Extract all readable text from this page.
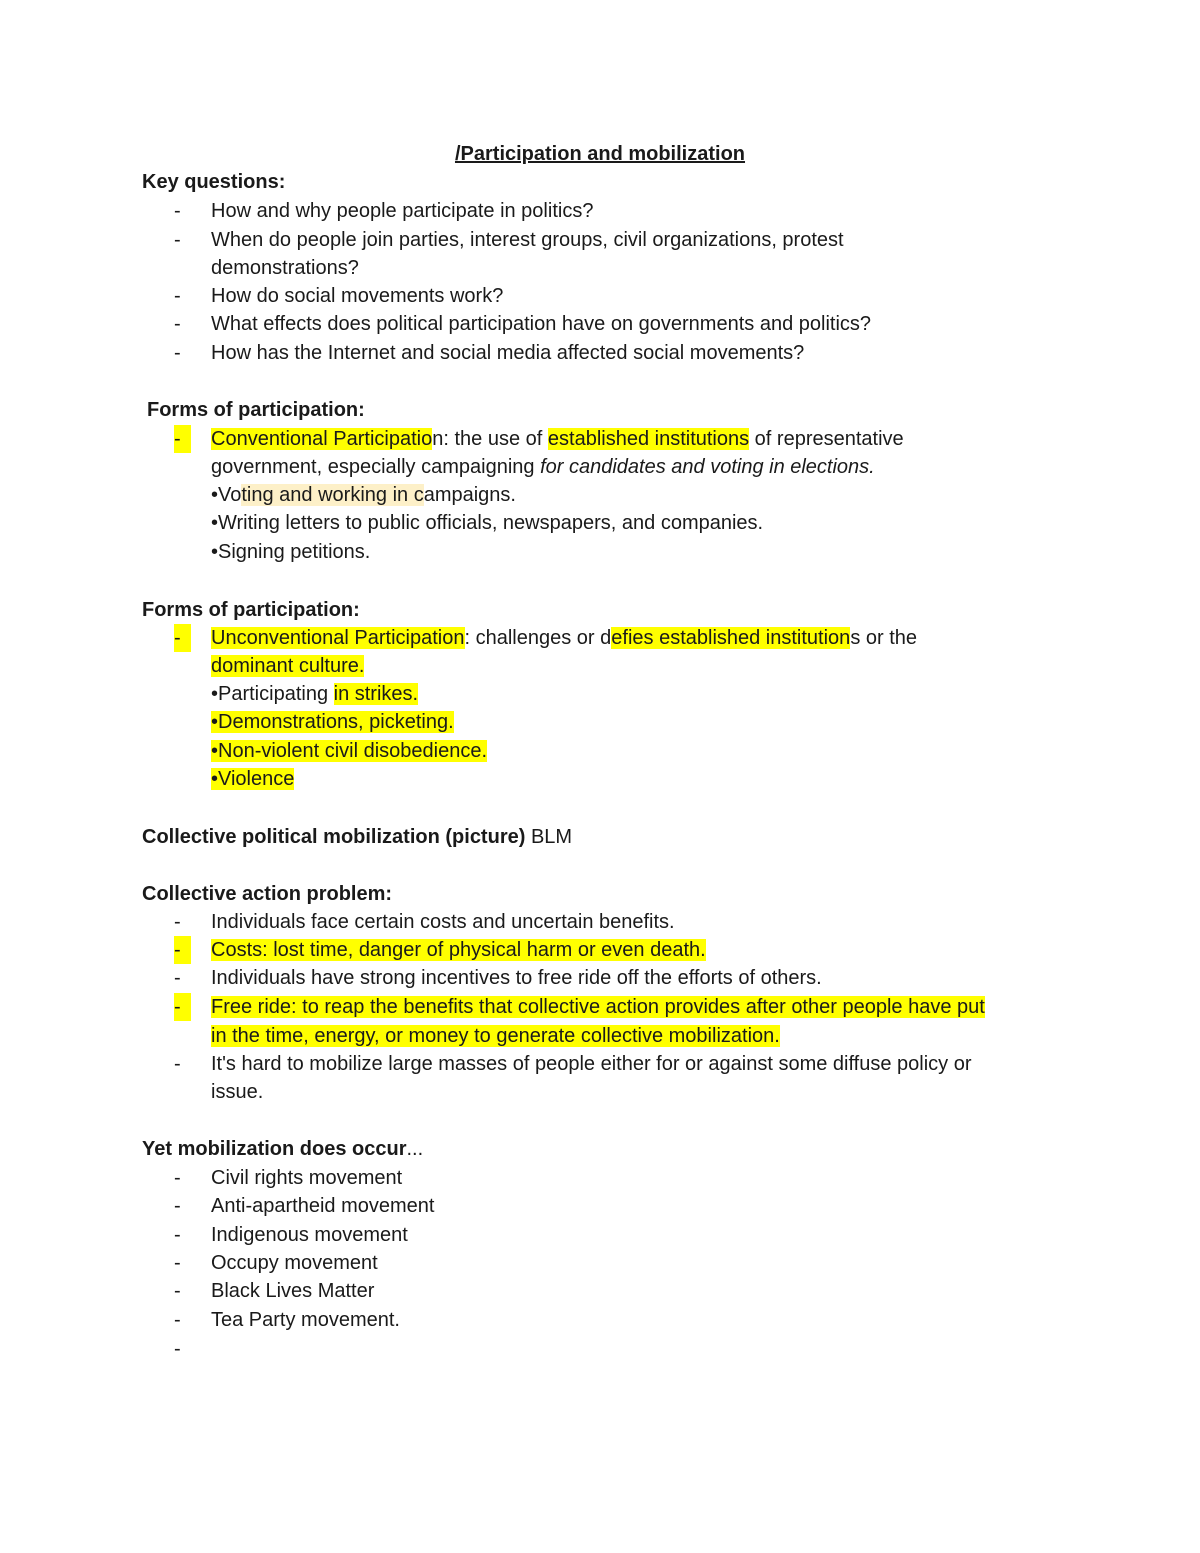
/Participation and mobilization
Key questions:
- How and why people participate in politics?
- When do people join parties, interest groups, civil organizations, protest
demonstrations?
- How do social movements work?
- What effects does political participation have on governments and politics?
- How has the Internet and social media affected social movements?
Forms of participation:
-	Conventional Participation: the use of established institutions of representative
government, especially campaigning for candidates and voting in elections.
•Voting and working in campaigns.
•Writing letters to public officials, newspapers, and companies.
•Signing petitions.
Forms of participation:
-	Unconventional Participation: challenges or defies established institutions or the
dominant culture.
•Participating in strikes.
•Demonstrations, picketing.
•Non-violent civil disobedience.
•Violence
Collective political mobilization (picture) BLM
Collective action problem:
- Individuals face certain costs and uncertain benefits.
-	Costs: lost time, danger of physical harm or even death.
- Individuals have strong incentives to free ride off the efforts of others.
-	Free ride: to reap the benefits that collective action provides after other people have put
in the time, energy, or money to generate collective mobilization.
- It's hard to mobilize large masses of people either for or against some diffuse policy or
issue.
Yet mobilization does occur...
- Civil rights movement
- Anti-apartheid movement
- Indigenous movement
- Occupy movement
- Black Lives Matter
- Tea Party movement.
-
